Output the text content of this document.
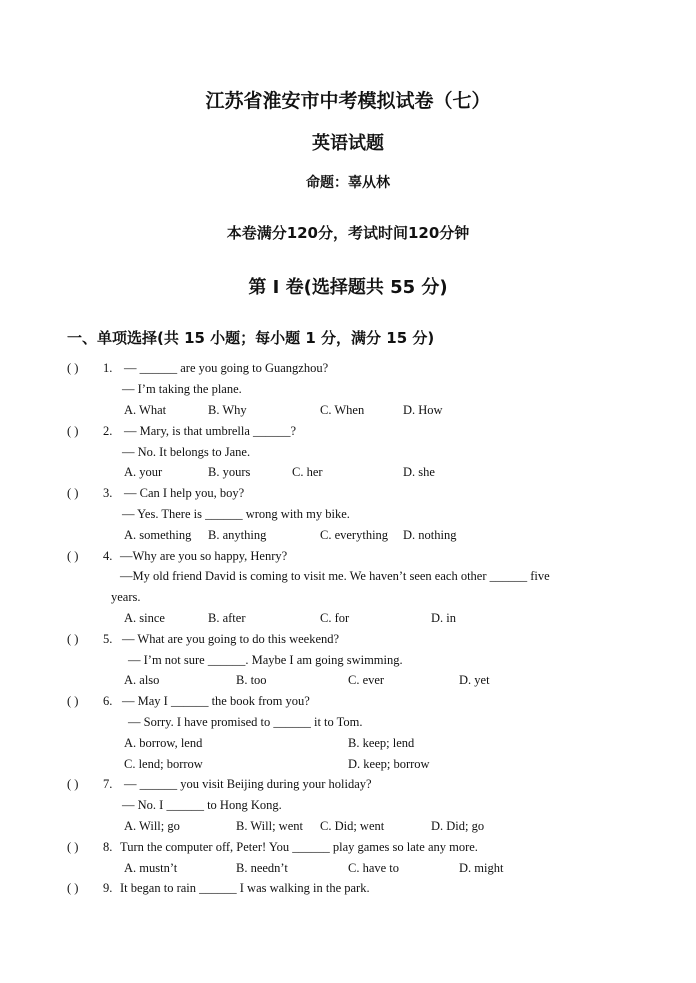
江苏省淮安市中考模拟试卷（七）
英语试题
命题：辜从林
本卷满分120分，考试时间120分钟
第 I 卷(选择题共 55 分)
一、单项选择(共 15 小题；每小题 1 分，满分 15 分)
( ) 1. — ______ are you going to Guangzhou?
— I’m taking the plane.
A. What	B. Why	C. When	D. How
( ) 2. — Mary, is that umbrella ______?
— No. It belongs to Jane.
A. your	B. yours	C. her	D. she
( ) 3. — Can I help you, boy?
— Yes. There is ______ wrong with my bike.
A. something B. anything	C. everything D. nothing
( ) 4. —Why are you so happy, Henry?
—My old friend David is coming to visit me. We haven’t seen each other ______ five
years.
A. since	B. after	C. for	D. in
( ) 5. — What are you going to do this weekend?
— I’m not sure ______. Maybe I am going swimming.
A. also	B. too	C. ever	D. yet
( ) 6. — May I ______ the book from you?
— Sorry. I have promised to ______ it to Tom.
A. borrow, lend	B. keep; lend
C. lend; borrow	D. keep; borrow
( ) 7. — ______ you visit Beijing during your holiday?
— No. I ______ to Hong Kong.
A. Will; go	B. Will; went C. Did; went	D. Did; go
( ) 8. Turn the computer off, Peter! You ______ play games so late any more.
A. mustn’t	B. needn’t	C. have to	D. might
( ) 9. It began to rain ______ I was walking in the park.
